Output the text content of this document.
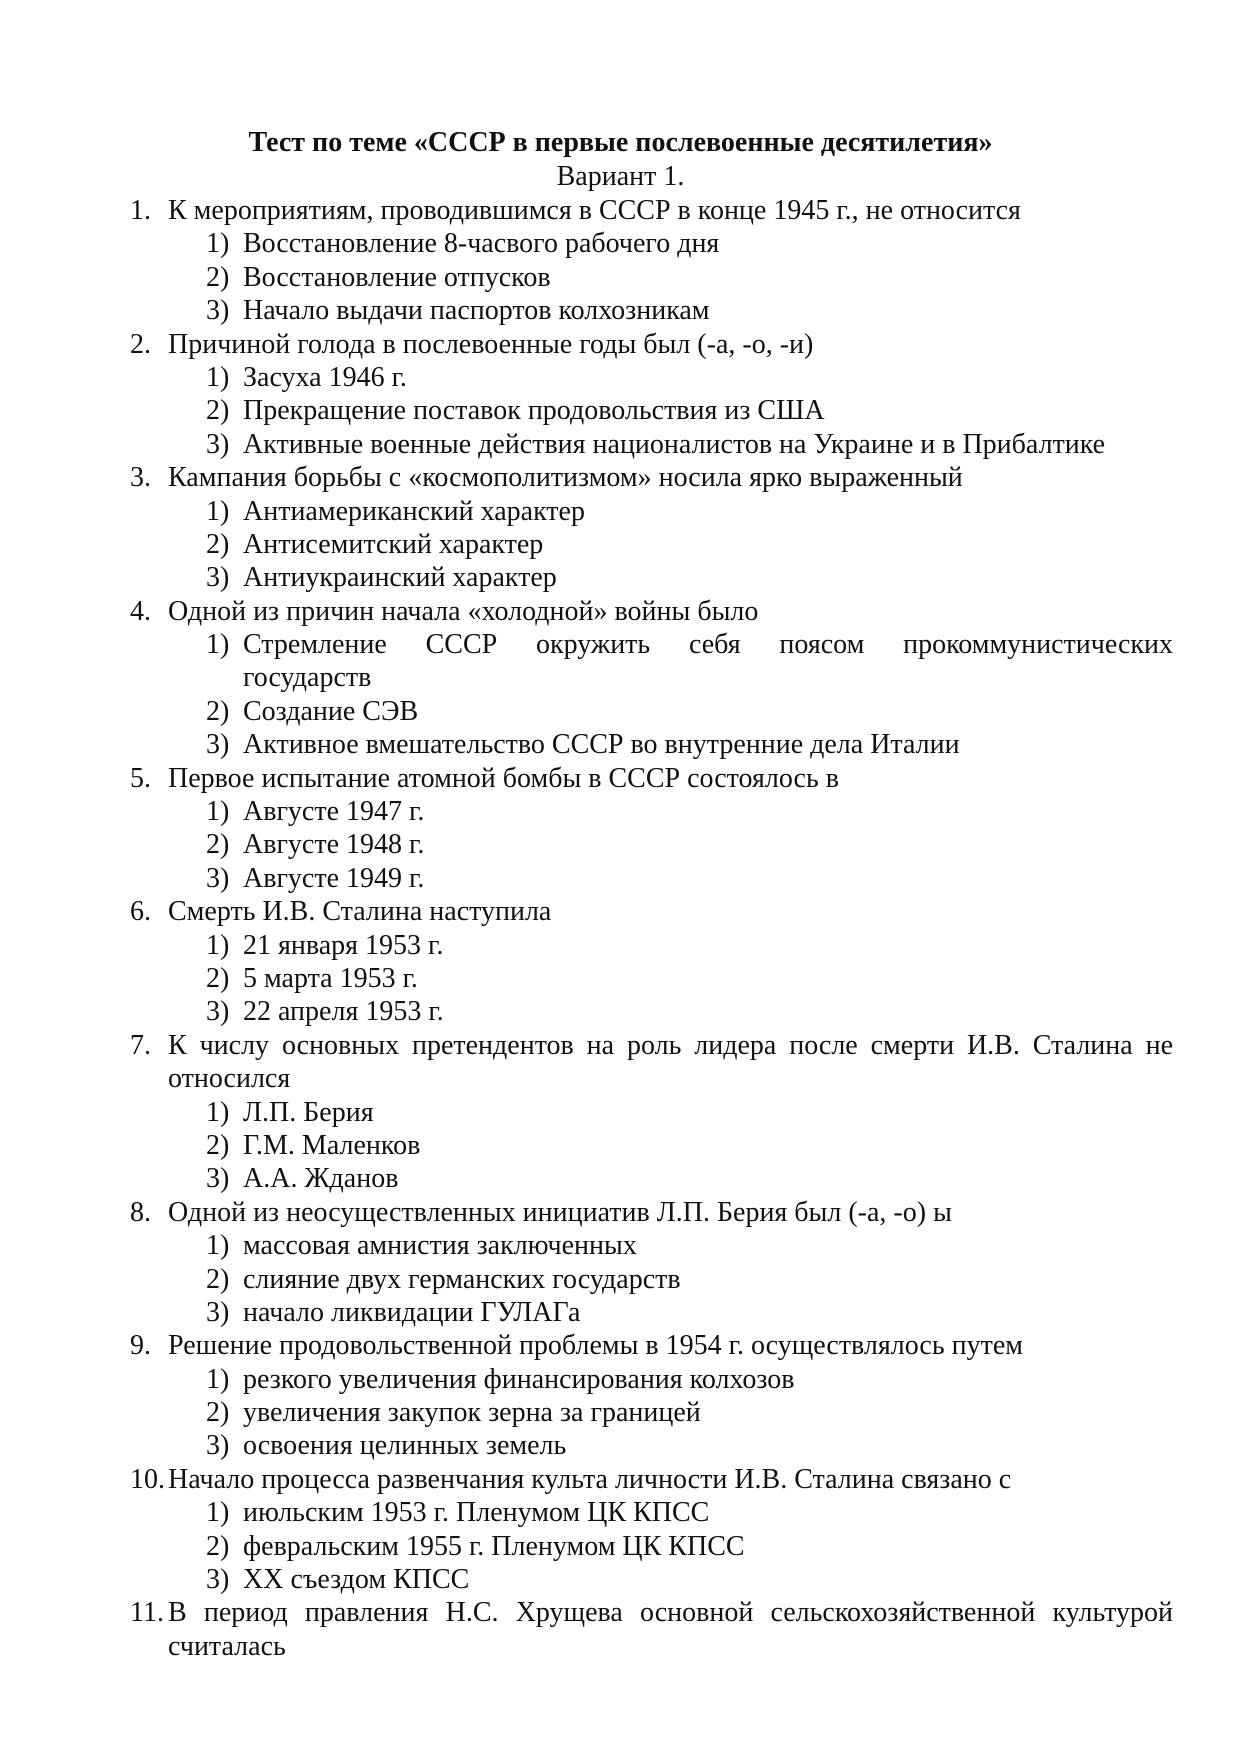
Тест по теме «СССР в первые послевоенные десятилетия»
Вариант 1.
1. К мероприятиям, проводившимся в СССР в конце 1945 г., не относится
1) Восстановление 8-часвого рабочего дня
2) Восстановление отпусков
3) Начало выдачи паспортов колхозникам
2. Причиной голода в послевоенные годы был (-а, -о, -и)
1) Засуха 1946 г.
2) Прекращение поставок продовольствия из США
3) Активные военные действия националистов на Украине и в Прибалтике
3. Кампания борьбы с «космополитизмом» носила ярко выраженный
1) Антиамериканский характер
2) Антисемитский характер
3) Антиукраинский характер
4. Одной из причин начала «холодной» войны было
1) Стремление СССР окружить себя поясом прокоммунистических
государств
2) Создание СЭВ
3) Активное вмешательство СССР во внутренние дела Италии
5. Первое испытание атомной бомбы в СССР состоялось в
1) Августе 1947 г.
2) Августе 1948 г.
3) Августе 1949 г.
6. Смерть И.В. Сталина наступила
1) 21 января 1953 г.
2) 5 марта 1953 г.
3) 22 апреля 1953 г.
7. К числу основных претендентов на роль лидера после смерти И.В. Сталина не
относился
1) Л.П. Берия
2) Г.М. Маленков
3) А.А. Жданов
8. Одной из неосуществленных инициатив Л.П. Берия был (-а, -о) ы
1) массовая амнистия заключенных
2) слияние двух германских государств
3) начало ликвидации ГУЛАГа
9. Решение продовольственной проблемы в 1954 г. осуществлялось путем
1) резкого увеличения финансирования колхозов
2) увеличения закупок зерна за границей
3) освоения целинных земель
10. Начало процесса развенчания культа личности И.В. Сталина связано с
1) июльским 1953 г. Пленумом ЦК КПСС
2) февральским 1955 г. Пленумом ЦК КПСС
3) XX съездом КПСС
11. В период правления Н.С. Хрущева основной сельскохозяйственной культурой
считалась
